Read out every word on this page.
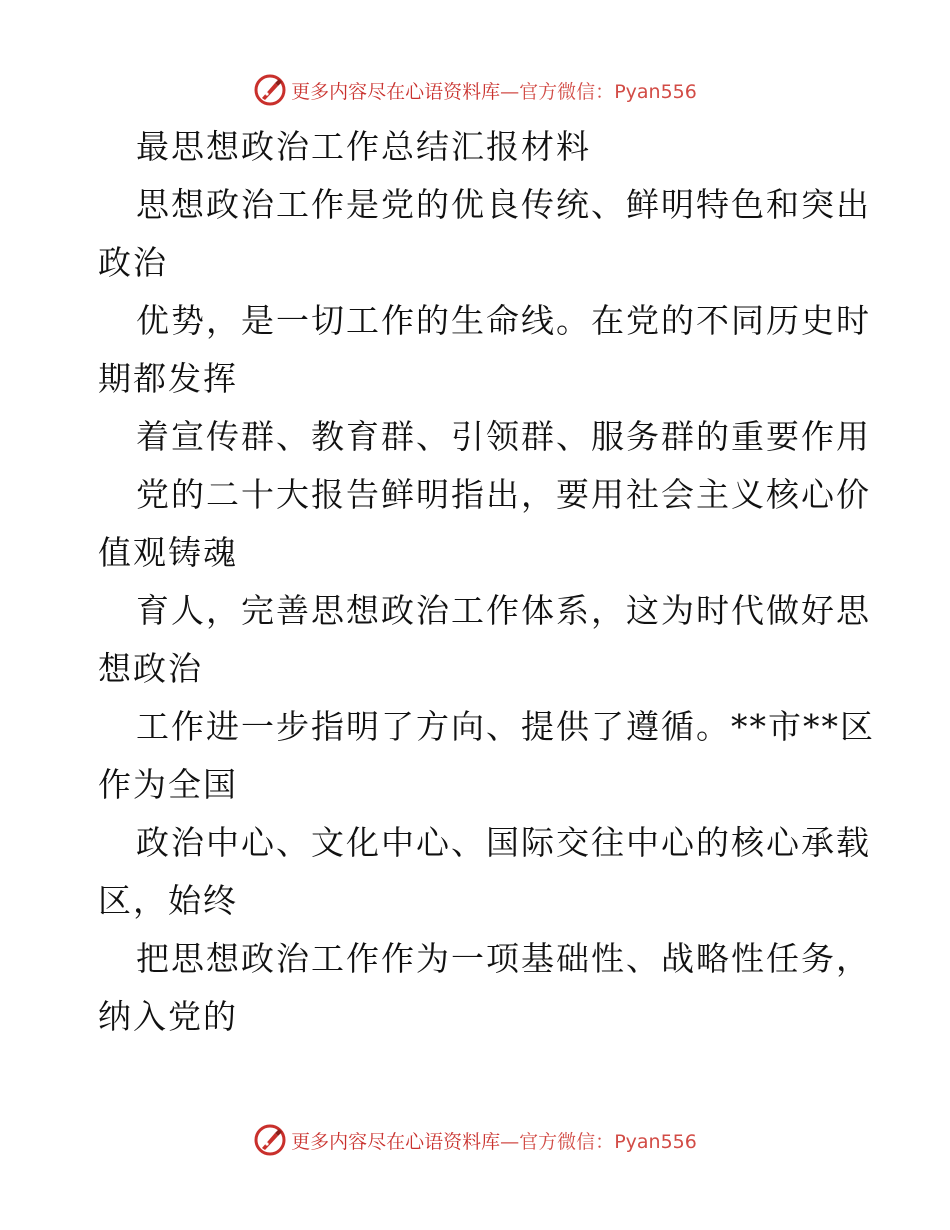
更多内容尽在心语资料库—官方微信：Pyan556
最思想政治工作总结汇报材料
思想政治工作是党的优良传统、鲜明特色和突出
政治
优势，是一切工作的生命线。在党的不同历史时
期都发挥
着宣传群、教育群、引领群、服务群的重要作用
党的二十大报告鲜明指出，要用社会主义核心价
值观铸魂
育人，完善思想政治工作体系，这为时代做好思
想政治
工作进一步指明了方向、提供了遵循。**市**区
作为全国
政治中心、文化中心、国际交往中心的核心承载
区，始终
把思想政治工作作为一项基础性、战略性任务，
纳入党的
更多内容尽在心语资料库—官方微信：Pyan556
